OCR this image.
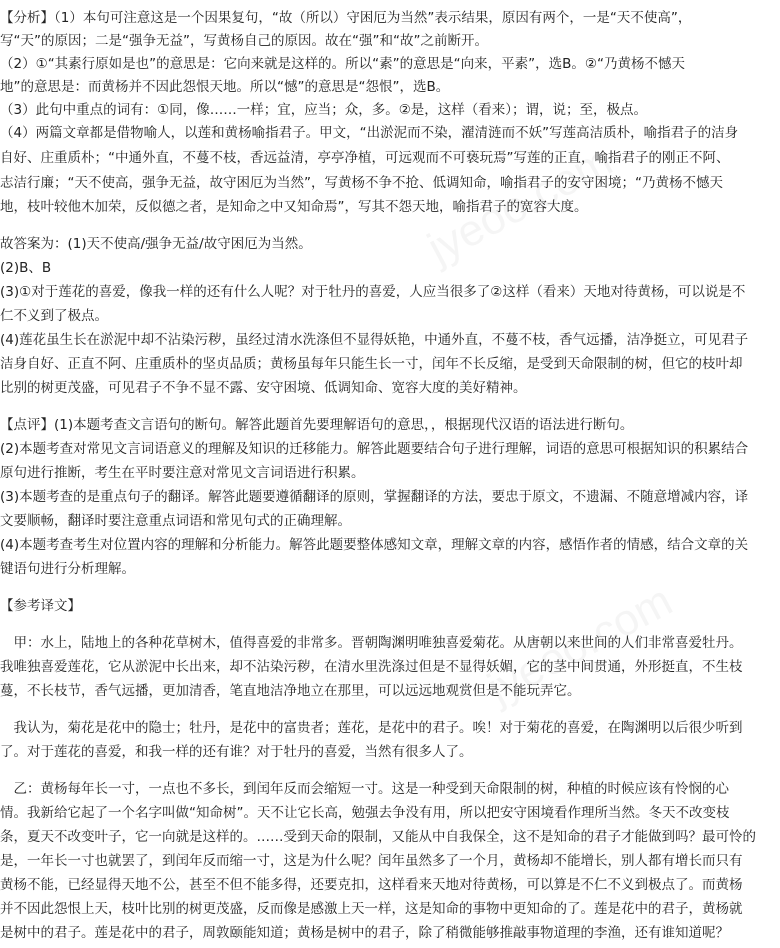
jyeoo.com
jyeoo.com
【分析】（1）本句可注意这是一个因果复句，“故（所以）守困厄为当然”表示结果，原因有两个，一是“天不使高”，
写“天”的原因；二是“强争无益”，写黄杨自己的原因。故在“强”和“故”之前断开。
（2）①“其素行原如是也”的意思是：它向来就是这样的。所以“素”的意思是“向来，平素”，选B。②“乃黄杨不憾天
地”的意思是：而黄杨并不因此怨恨天地。所以“憾”的意思是“怨恨”，选B。
（3）此句中重点的词有：①同，像……一样；宜，应当；众，多。②是，这样（看来）；谓，说；至，极点。
（4）两篇文章都是借物喻人，以莲和黄杨喻指君子。甲文，“出淤泥而不染，濯清涟而不妖”写莲高洁质朴，喻指君子的洁身
自好、庄重质朴；“中通外直，不蔓不枝，香远益清，亭亭净植，可远观而不可亵玩焉”写莲的正直，喻指君子的刚正不阿、
志洁行廉；“天不使高，强争无益，故守困厄为当然”，写黄杨不争不抢、低调知命，喻指君子的安守困境；“乃黄杨不憾天
地，枝叶较他木加荣，反似德之者，是知命之中又知命焉”，写其不怨天地，喻指君子的宽容大度。
故答案为：(1)天不使高/强争无益/故守困厄为当然。
(2)B、B
(3)①对于莲花的喜爱，像我一样的还有什么人呢？对于牡丹的喜爱，人应当很多了②这样（看来）天地对待黄杨，可以说是不
仁不义到了极点。
(4)莲花虽生长在淤泥中却不沾染污秽，虽经过清水洗涤但不显得妖艳，中通外直，不蔓不枝，香气远播，洁净挺立，可见君子
洁身自好、正直不阿、庄重质朴的坚贞品质；黄杨虽每年只能生长一寸，闰年不长反缩，是受到天命限制的树，但它的枝叶却
比别的树更茂盛，可见君子不争不显不露、安守困境、低调知命、宽容大度的美好精神。
【点评】(1)本题考查文言语句的断句。解答此题首先要理解语句的意思，，根据现代汉语的语法进行断句。
(2)本题考查对常见文言词语意义的理解及知识的迁移能力。解答此题要结合句子进行理解，词语的意思可根据知识的积累结合
原句进行推断，考生在平时要注意对常见文言词语进行积累。
(3)本题考查的是重点句子的翻译。解答此题要遵循翻译的原则，掌握翻译的方法，要忠于原文，不遗漏、不随意增减内容，译
文要顺畅，翻译时要注意重点词语和常见句式的正确理解。
(4)本题考查考生对位置内容的理解和分析能力。解答此题要整体感知文章，理解文章的内容，感悟作者的情感，结合文章的关
键语句进行分析理解。
【参考译文】
　甲：水上，陆地上的各种花草树木，值得喜爱的非常多。晋朝陶渊明唯独喜爱菊花。从唐朝以来世间的人们非常喜爱牡丹。
我唯独喜爱莲花，它从淤泥中长出来，却不沾染污秽，在清水里洗涤过但是不显得妖媚，它的茎中间贯通，外形挺直，不生枝
蔓，不长枝节，香气远播，更加清香，笔直地洁净地立在那里，可以远远地观赏但是不能玩弄它。
　我认为，菊花是花中的隐士；牡丹，是花中的富贵者；莲花，是花中的君子。唉！对于菊花的喜爱，在陶渊明以后很少听到
了。对于莲花的喜爱，和我一样的还有谁？对于牡丹的喜爱，当然有很多人了。
　乙：黄杨每年长一寸，一点也不多长，到闰年反而会缩短一寸。这是一种受到天命限制的树，种植的时候应该有怜悯的心
情。我新给它起了一个名字叫做“知命树”。天不让它长高，勉强去争没有用，所以把安守困境看作理所当然。冬天不改变枝
条，夏天不改变叶子，它一向就是这样的。……受到天命的限制，又能从中自我保全，这不是知命的君子才能做到吗？最可怜的
是，一年长一寸也就罢了，到闰年反而缩一寸，这是为什么呢？闰年虽然多了一个月，黄杨却不能增长，别人都有增长而只有
黄杨不能，已经显得天地不公，甚至不但不能多得，还要克扣，这样看来天地对待黄杨，可以算是不仁不义到极点了。而黄杨
并不因此怨恨上天，枝叶比别的树更茂盛，反而像是感激上天一样，这是知命的事物中更知命的了。莲是花中的君子，黄杨就
是树中的君子。莲是花中的君子，周敦颐能知道；黄杨是树中的君子，除了稍微能够推敲事物道理的李渔，还有谁知道呢？
